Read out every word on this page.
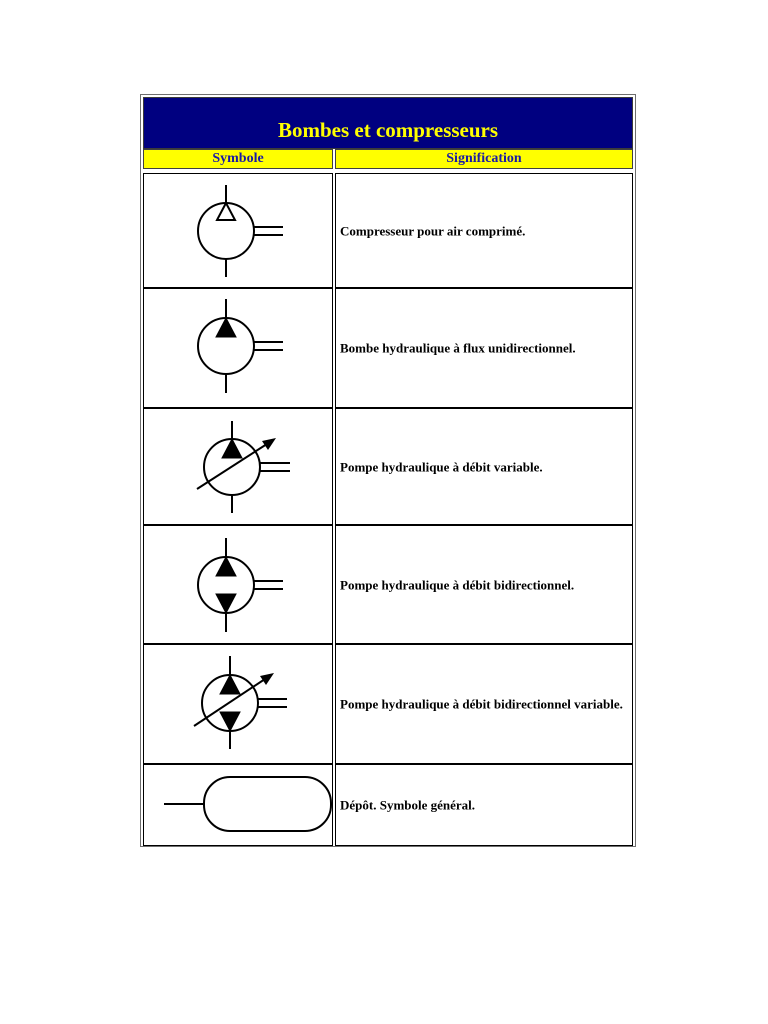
Bombes et compresseurs
Symbole	Signification
Compresseur pour air comprimé.
Bombe hydraulique à flux unidirectionnel.
Pompe hydraulique à débit variable.
Pompe hydraulique à débit bidirectionnel.
Pompe hydraulique à débit bidirectionnel variable.
Dépôt. Symbole général.
